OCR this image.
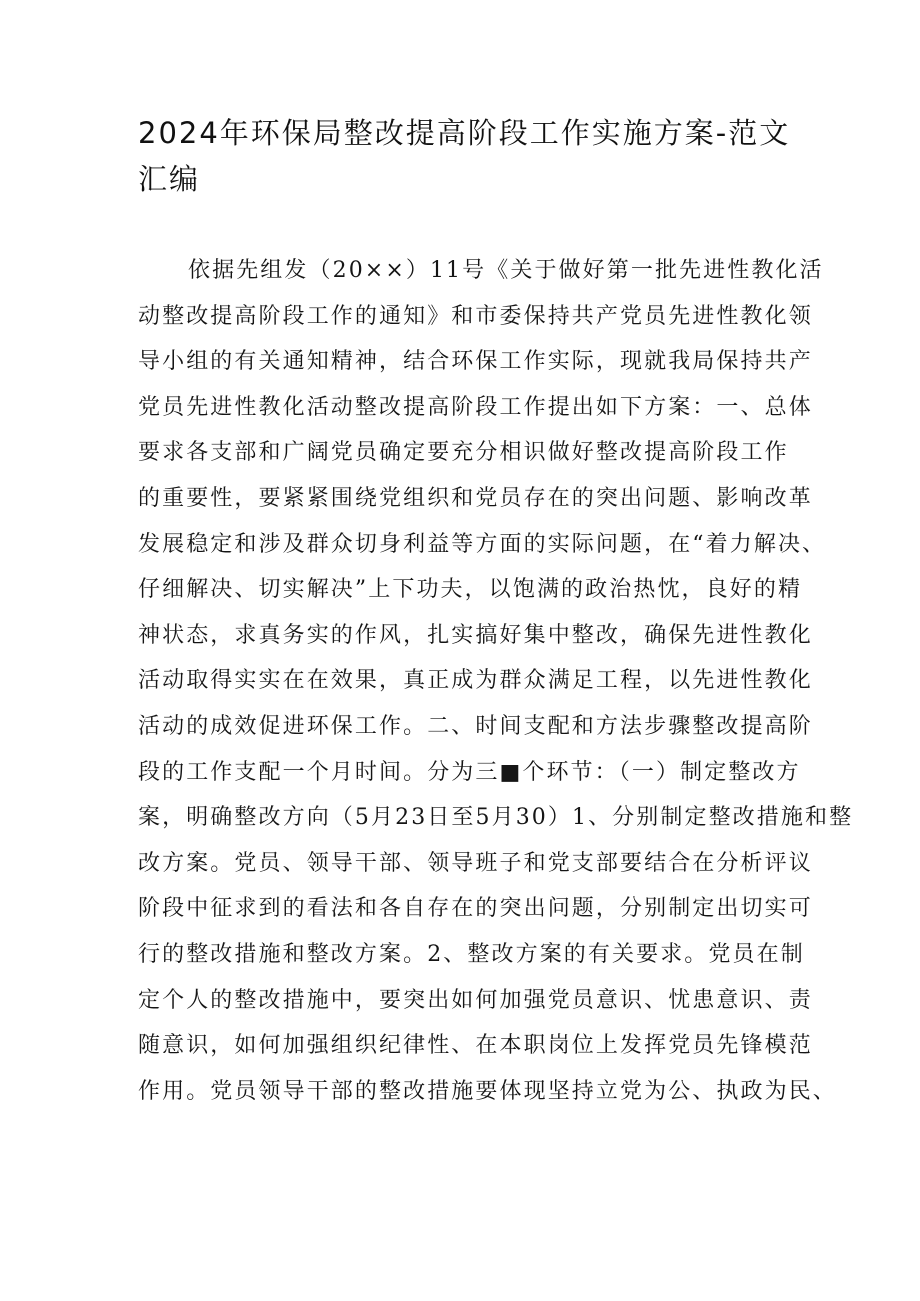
2024年环保局整改提高阶段工作实施方案-范文
汇编
依据先组发（20××）11号《关于做好第一批先进性教化活
动整改提高阶段工作的通知》和市委保持共产党员先进性教化领
导小组的有关通知精神，结合环保工作实际，现就我局保持共产
党员先进性教化活动整改提高阶段工作提出如下方案：一、总体
要求各支部和广阔党员确定要充分相识做好整改提高阶段工作
的重要性，要紧紧围绕党组织和党员存在的突出问题、影响改革
发展稳定和涉及群众切身利益等方面的实际问题，在“着力解决、
仔细解决、切实解决”上下功夫，以饱满的政治热忱，良好的精
神状态，求真务实的作风，扎实搞好集中整改，确保先进性教化
活动取得实实在在效果，真正成为群众满足工程，以先进性教化
活动的成效促进环保工作。二、时间支配和方法步骤整改提高阶
段的工作支配一个月时间。分为三■个环节：（一）制定整改方
案，明确整改方向（5月23日至5月30）1、分别制定整改措施和整
改方案。党员、领导干部、领导班子和党支部要结合在分析评议
阶段中征求到的看法和各自存在的突出问题，分别制定出切实可
行的整改措施和整改方案。2、整改方案的有关要求。党员在制
定个人的整改措施中，要突出如何加强党员意识、忧患意识、责
随意识，如何加强组织纪律性、在本职岗位上发挥党员先锋模范
作用。党员领导干部的整改措施要体现坚持立党为公、执政为民、
